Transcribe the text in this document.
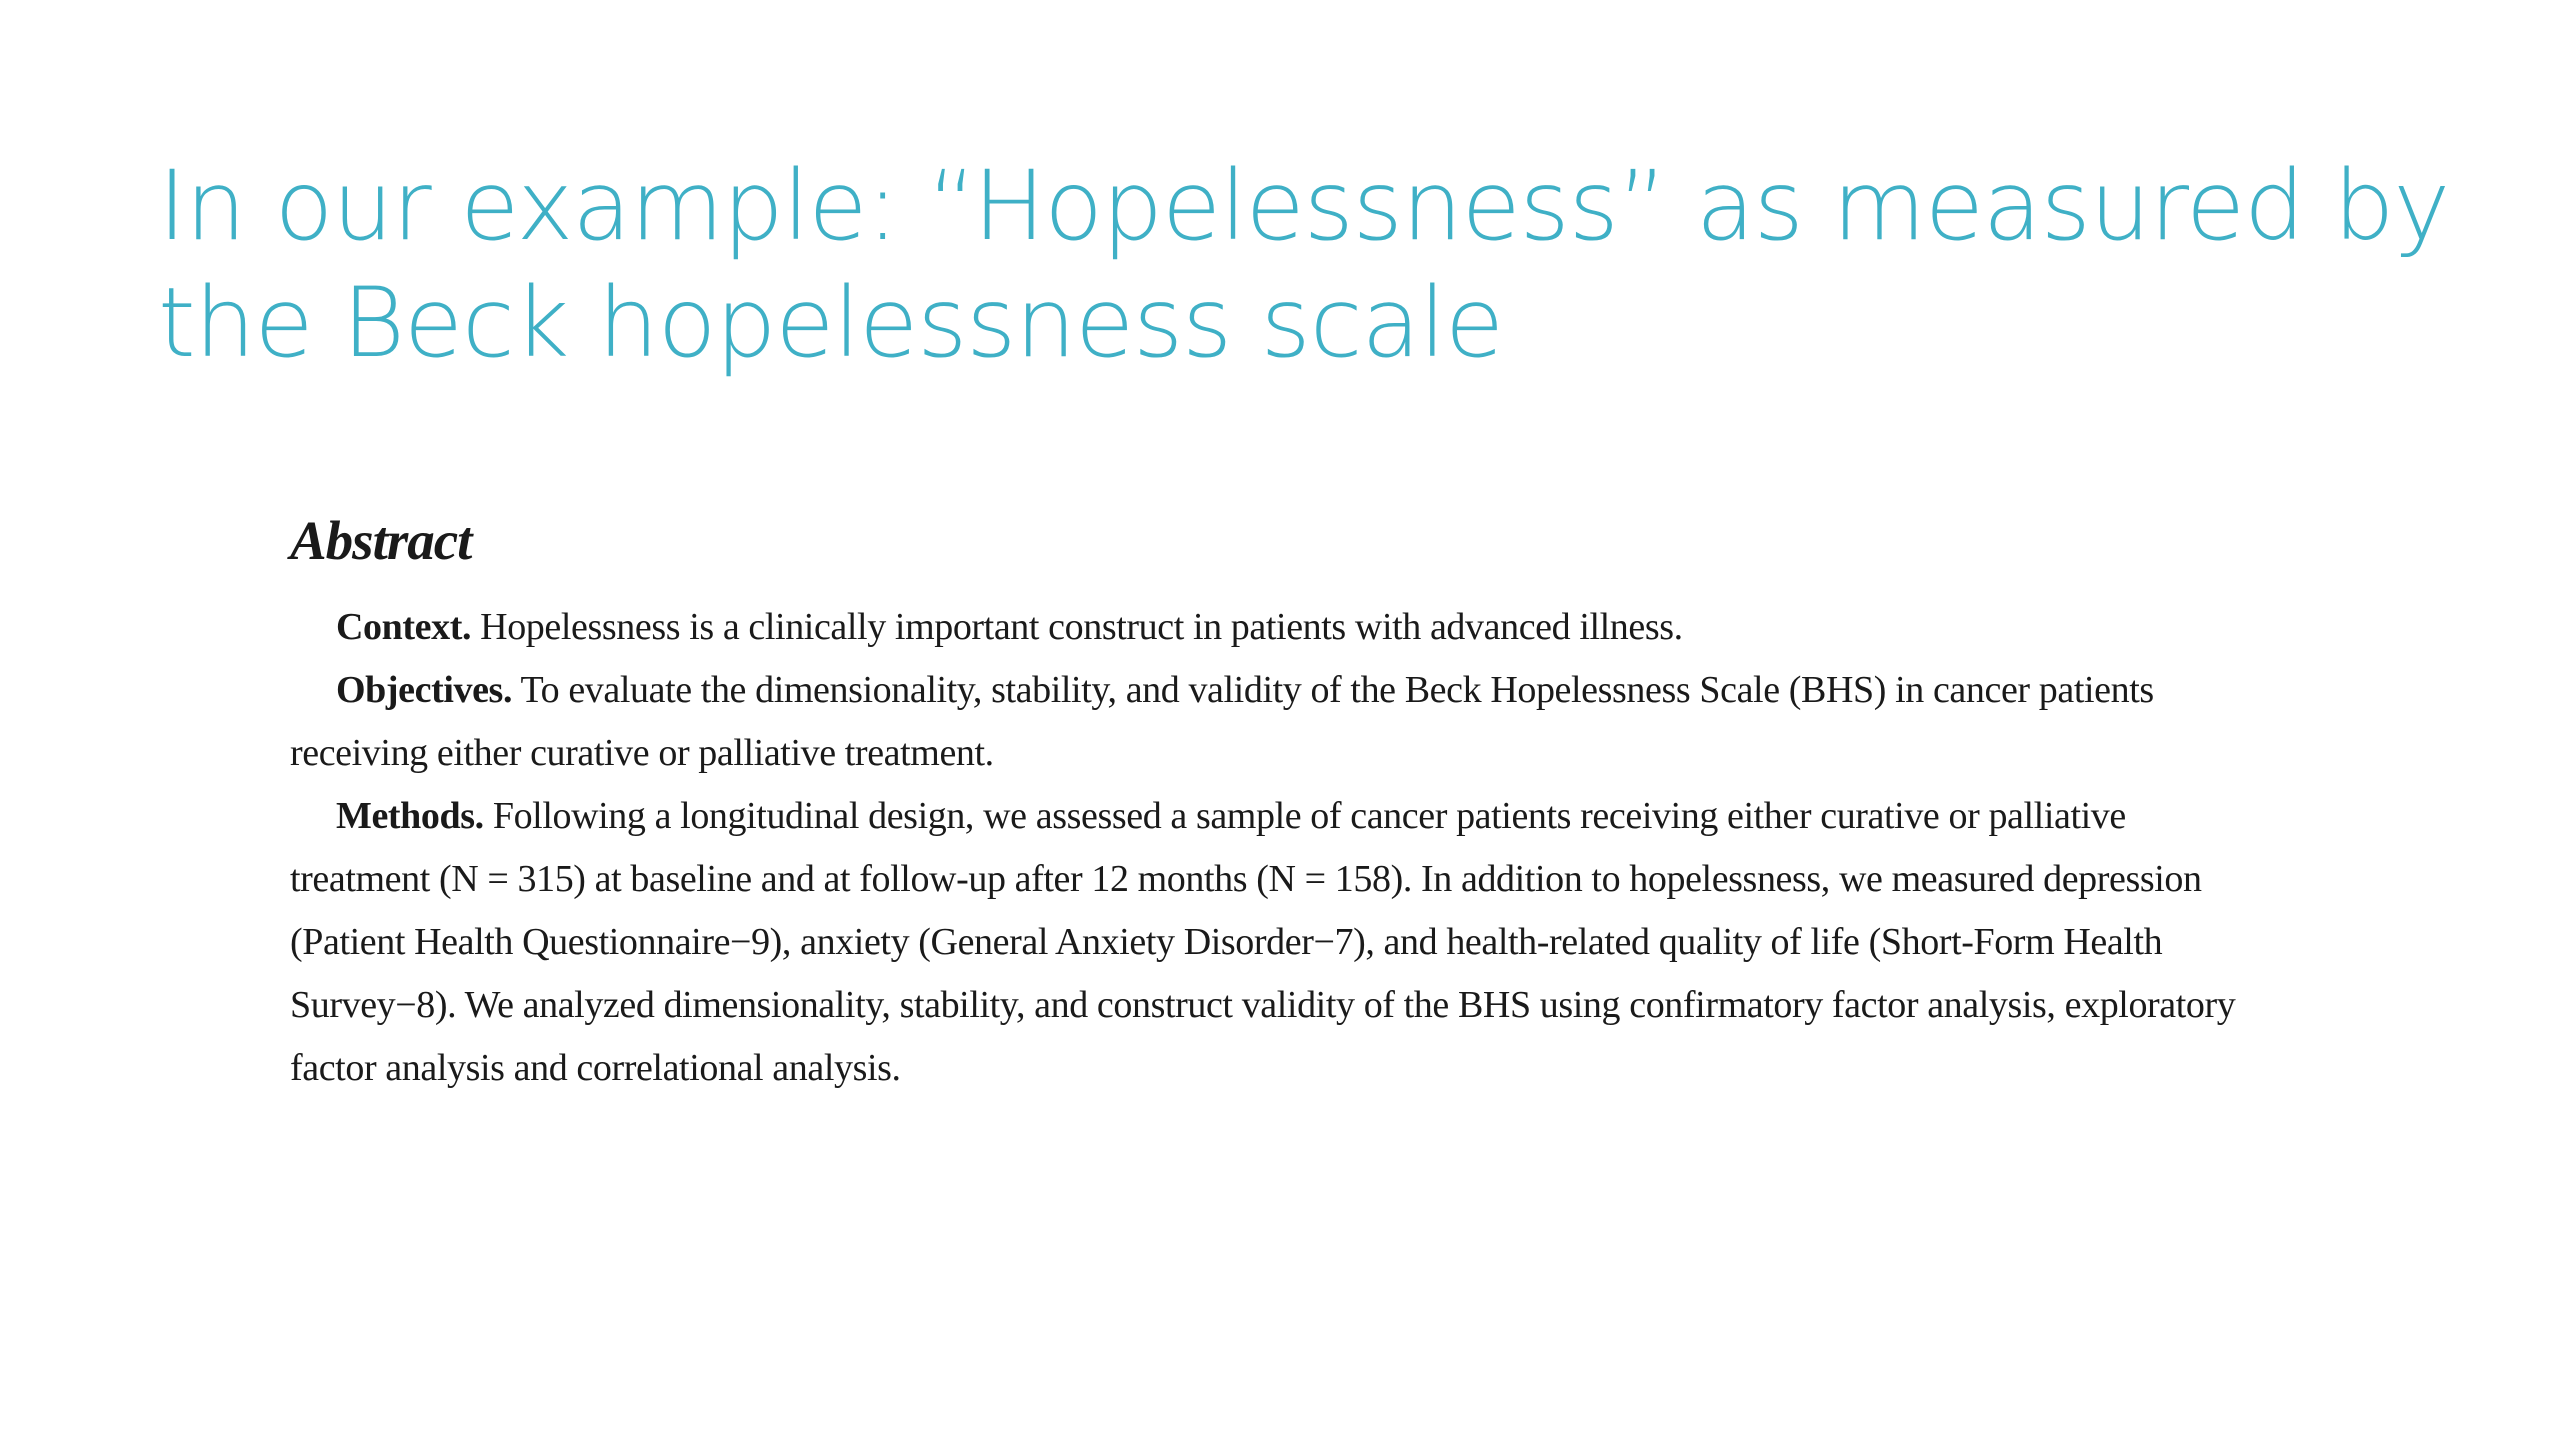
In our example: “Hopelessness” as measured by the Beck hopelessness scale
Abstract

Context. Hopelessness is a clinically important construct in patients with advanced illness.

Objectives. To evaluate the dimensionality, stability, and validity of the Beck Hopelessness Scale (BHS) in cancer patients receiving either curative or palliative treatment.

Methods. Following a longitudinal design, we assessed a sample of cancer patients receiving either curative or palliative treatment (N = 315) at baseline and at follow-up after 12 months (N = 158). In addition to hopelessness, we measured depression (Patient Health Questionnaire−9), anxiety (General Anxiety Disorder−7), and health-related quality of life (Short-Form Health Survey−8). We analyzed dimensionality, stability, and construct validity of the BHS using confirmatory factor analysis, exploratory factor analysis and correlational analysis.
